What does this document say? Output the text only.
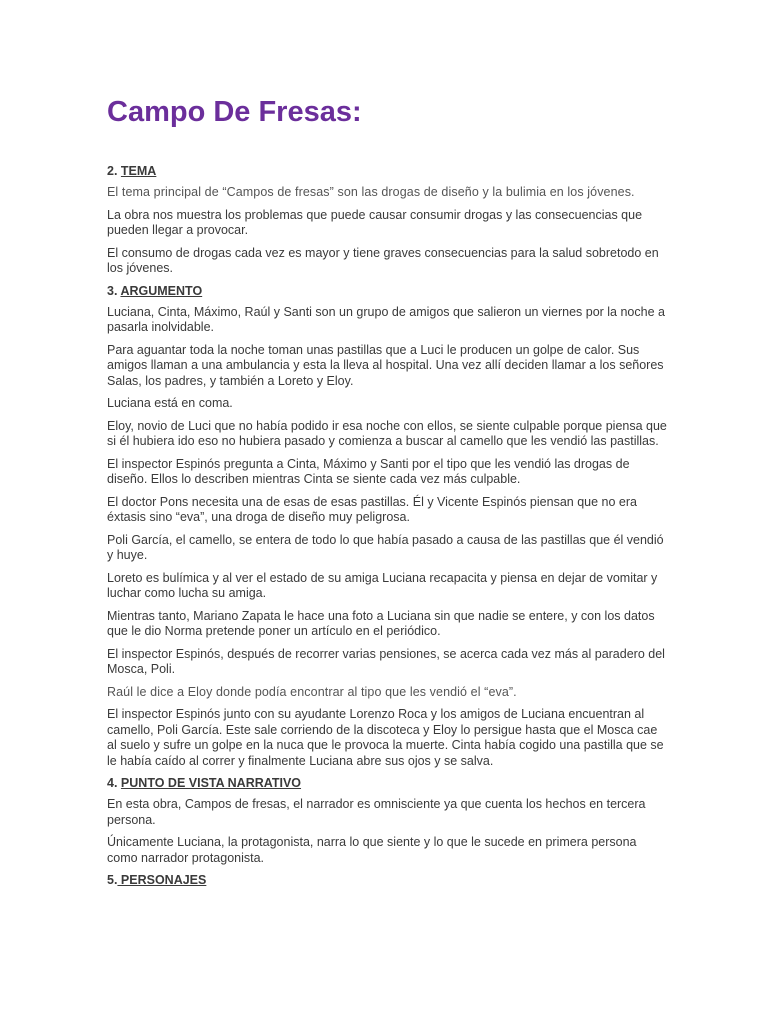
Campo De Fresas:
2. TEMA

El tema principal de “Campos de fresas” son las drogas de diseño y la bulimia en los jóvenes.

La obra nos muestra los problemas que puede causar consumir drogas y las consecuencias que pueden llegar a provocar.

El consumo de drogas cada vez es mayor y tiene graves consecuencias para la salud sobretodo en los jóvenes.

3. ARGUMENTO

Luciana, Cinta, Máximo, Raúl y Santi son un grupo de amigos que salieron un viernes por la noche a pasarla inolvidable.

Para aguantar toda la noche toman unas pastillas que a Luci le producen un golpe de calor. Sus amigos llaman a una ambulancia y esta la lleva al hospital. Una vez allí deciden llamar a los señores Salas, los padres, y también a Loreto y Eloy.

Luciana está en coma.

Eloy, novio de Luci que no había podido ir esa noche con ellos, se siente culpable porque piensa que si él hubiera ido eso no hubiera pasado y comienza a buscar al camello que les vendió las pastillas.

El inspector Espinós pregunta a Cinta, Máximo y Santi por el tipo que les vendió las drogas de diseño. Ellos lo describen mientras Cinta se siente cada vez más culpable.

El doctor Pons necesita una de esas de esas pastillas. Él y Vicente Espinós piensan que no era éxtasis sino “eva”, una droga de diseño muy peligrosa.

Poli García, el camello, se entera de todo lo que había pasado a causa de las pastillas que él vendió y huye.

Loreto es bulímica y al ver el estado de su amiga Luciana recapacita y piensa en dejar de vomitar y luchar como lucha su amiga.

Mientras tanto, Mariano Zapata le hace una foto a Luciana sin que nadie se entere, y con los datos que le dio Norma pretende poner un artículo en el periódico.

El inspector Espinós, después de recorrer varias pensiones, se acerca cada vez más al paradero del Mosca, Poli.

Raúl le dice a Eloy donde podía encontrar al tipo que les vendió el “eva”.

El inspector Espinós junto con su ayudante Lorenzo Roca y los amigos de Luciana encuentran al camello, Poli García. Este sale corriendo de la discoteca y Eloy lo persigue hasta que el Mosca cae al suelo y sufre un golpe en la nuca que le provoca la muerte. Cinta había cogido una pastilla que se le había caído al correr y finalmente Luciana abre sus ojos y se salva.

4. PUNTO DE VISTA NARRATIVO

En esta obra, Campos de fresas, el narrador es omnisciente ya que cuenta los hechos en tercera persona.

Únicamente Luciana, la protagonista, narra lo que siente y lo que le sucede en primera persona como narrador protagonista.

5. PERSONAJES
